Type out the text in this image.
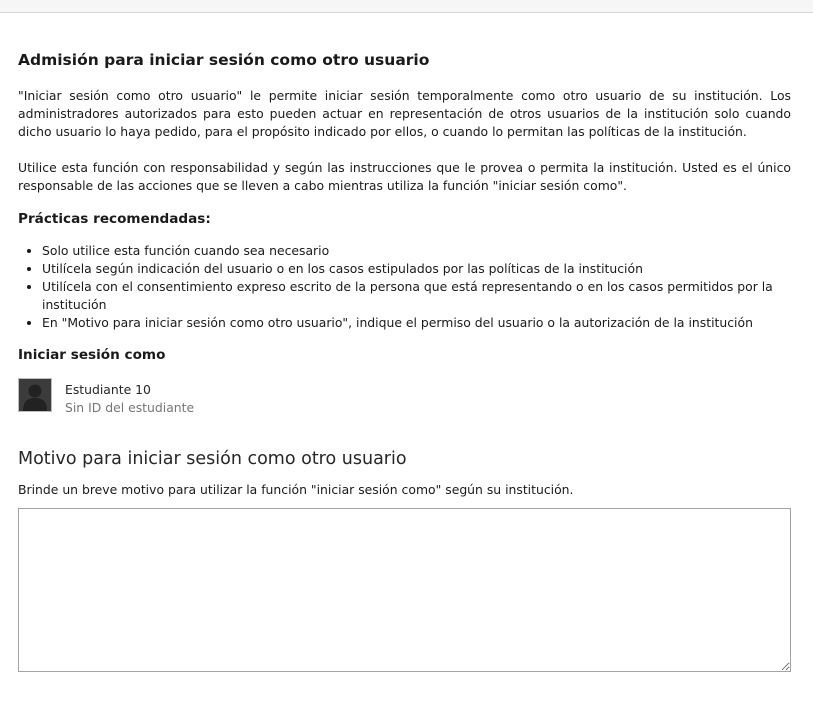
Admisión para iniciar sesión como otro usuario

"Iniciar sesión como otro usuario" le permite iniciar sesión temporalmente como otro usuario de su institución. Los administradores autorizados para esto pueden actuar en representación de otros usuarios de la institución solo cuando dicho usuario lo haya pedido, para el propósito indicado por ellos, o cuando lo permitan las políticas de la institución.

Utilice esta función con responsabilidad y según las instrucciones que le provea o permita la institución. Usted es el único responsable de las acciones que se lleven a cabo mientras utiliza la función "iniciar sesión como".

Prácticas recomendadas:
• Solo utilice esta función cuando sea necesario
• Utilícela según indicación del usuario o en los casos estipulados por las políticas de la institución
• Utilícela con el consentimiento expreso escrito de la persona que está representando o en los casos permitidos por la institución
• En "Motivo para iniciar sesión como otro usuario", indique el permiso del usuario o la autorización de la institución
Iniciar sesión como
Estudiante 10
Sin ID del estudiante
Motivo para iniciar sesión como otro usuario

Brinde un breve motivo para utilizar la función "iniciar sesión como" según su institución.
